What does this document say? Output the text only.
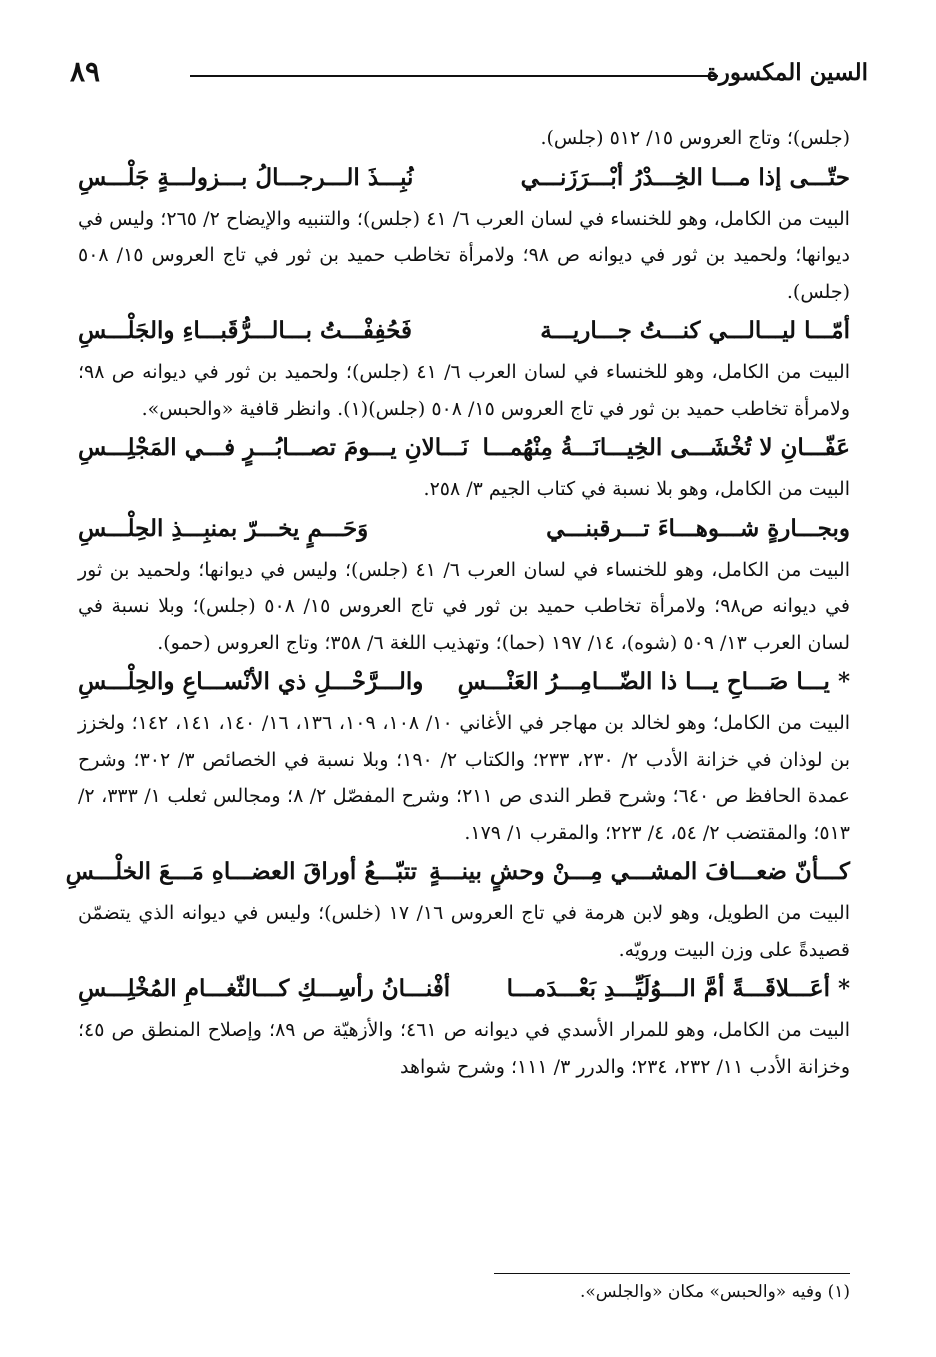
٨٩	السين المكسورة

(جلس)؛ وتاج العروس ١٥/ ٥١٢ (جلس).

حتّـــى إذا مـــا الخِـــدْرُ أبْـــرَزَنـــي
نُبِـــذَ الـــرجـــالُ بـــزولـــةٍ جَلْـــسِ

البيت من الكامل، وهو للخنساء في لسان العرب ٦/ ٤١ (جلس)؛ والتنبيه والإيضاح ٢/ ٢٦٥؛ وليس في ديوانها؛ ولحميد بن ثور في ديوانه ص ٩٨؛ ولامرأة تخاطب حميد بن ثور في تاج العروس ١٥/ ٥٠٨ (جلس).

أمّـــا ليـــالـــي كنـــتُ جـــاريـــة
فَحُفِفْـــتُ بـــالـــرُّقَبـــاءِ والجَلْـــسِ

البيت من الكامل، وهو للخنساء في لسان العرب ٦/ ٤١ (جلس)؛ ولحميد بن ثور في ديوانه ص ٩٨؛ ولامرأة تخاطب حميد بن ثور في تاج العروس ١٥/ ٥٠٨ (جلس)(١). وانظر قافية «والحبس».

عَفّـــانِ لا تُخْشَـــى الخِيـــانَـــةُ مِنْهُمـــا
نَـــالانِ يـــومَ تصـــابُـــرٍ فـــي المَجْلِـــسِ

البيت من الكامل، وهو بلا نسبة في كتاب الجيم ٣/ ٢٥٨.

وبجـــارةٍ شـــوهـــاءَ تـــرقبنـــي
وَحَـــمٍ يخـــرّ بمنبِـــذِ الحِلْـــسِ

البيت من الكامل، وهو للخنساء في لسان العرب ٦/ ٤١ (جلس)؛ وليس في ديوانها؛ ولحميد بن ثور في ديوانه ص٩٨؛ ولامرأة تخاطب حميد بن ثور في تاج العروس ١٥/ ٥٠٨ (جلس)؛ وبلا نسبة في لسان العرب ١٣/ ٥٠٩ (شوه)، ١٤/ ١٩٧ (حما)؛ وتهذيب اللغة ٦/ ٣٥٨؛ وتاج العروس (حمو).

* يـــا صَـــاحِ يـــا ذا الضّـــامِـــرُ العَنْـــسِ
والـــرَّحْـــلِ ذي الأنْســـاعِ والحِلْـــسِ

البيت من الكامل؛ وهو لخالد بن مهاجر في الأغاني ١٠/ ١٠٨، ١٠٩، ١٣٦، ١٦/ ١٤٠، ١٤١، ١٤٢؛ ولخزز بن لوذان في خزانة الأدب ٢/ ٢٣٠، ٢٣٣؛ والكتاب ٢/ ١٩٠؛ وبلا نسبة في الخصائص ٣/ ٣٠٢؛ وشرح عمدة الحافظ ص ٦٤٠؛ وشرح قطر الندى ص ٢١١؛ وشرح المفصّل ٢/ ٨؛ ومجالس ثعلب ١/ ٣٣٣، ٢/ ٥١٣؛ والمقتضب ٢/ ٥٤، ٤/ ٢٢٣؛ والمقرب ١/ ١٧٩.

كـــأنّ ضعـــافَ المشـــي مِـــنْ وحشٍ بينـــةٍ
تتبّـــعُ أوراقَ العضـــاهِ مَـــعَ الخلْـــسِ

البيت من الطويل، وهو لابن هرمة في تاج العروس ١٦/ ١٧ (خلس)؛ وليس في ديوانه الذي يتضمّن قصيدةً على وزن البيت ورويّه.

* أعَـــلاقَـــةً أمَّ الـــوُلَيِّـــدِ بَعْـــدَمـــا
أفْنـــانُ رأسِـــكِ كـــالثّغـــامِ المُخْلِـــسِ

البيت من الكامل، وهو للمرار الأسدي في ديوانه ص ٤٦١؛ والأزهيّة ص ٨٩؛ وإصلاح المنطق ص ٤٥؛ وخزانة الأدب ١١/ ٢٣٢، ٢٣٤؛ والدرر ٣/ ١١١؛ وشرح شواهد

(١) وفيه «والحبس» مكان «والجلس».
